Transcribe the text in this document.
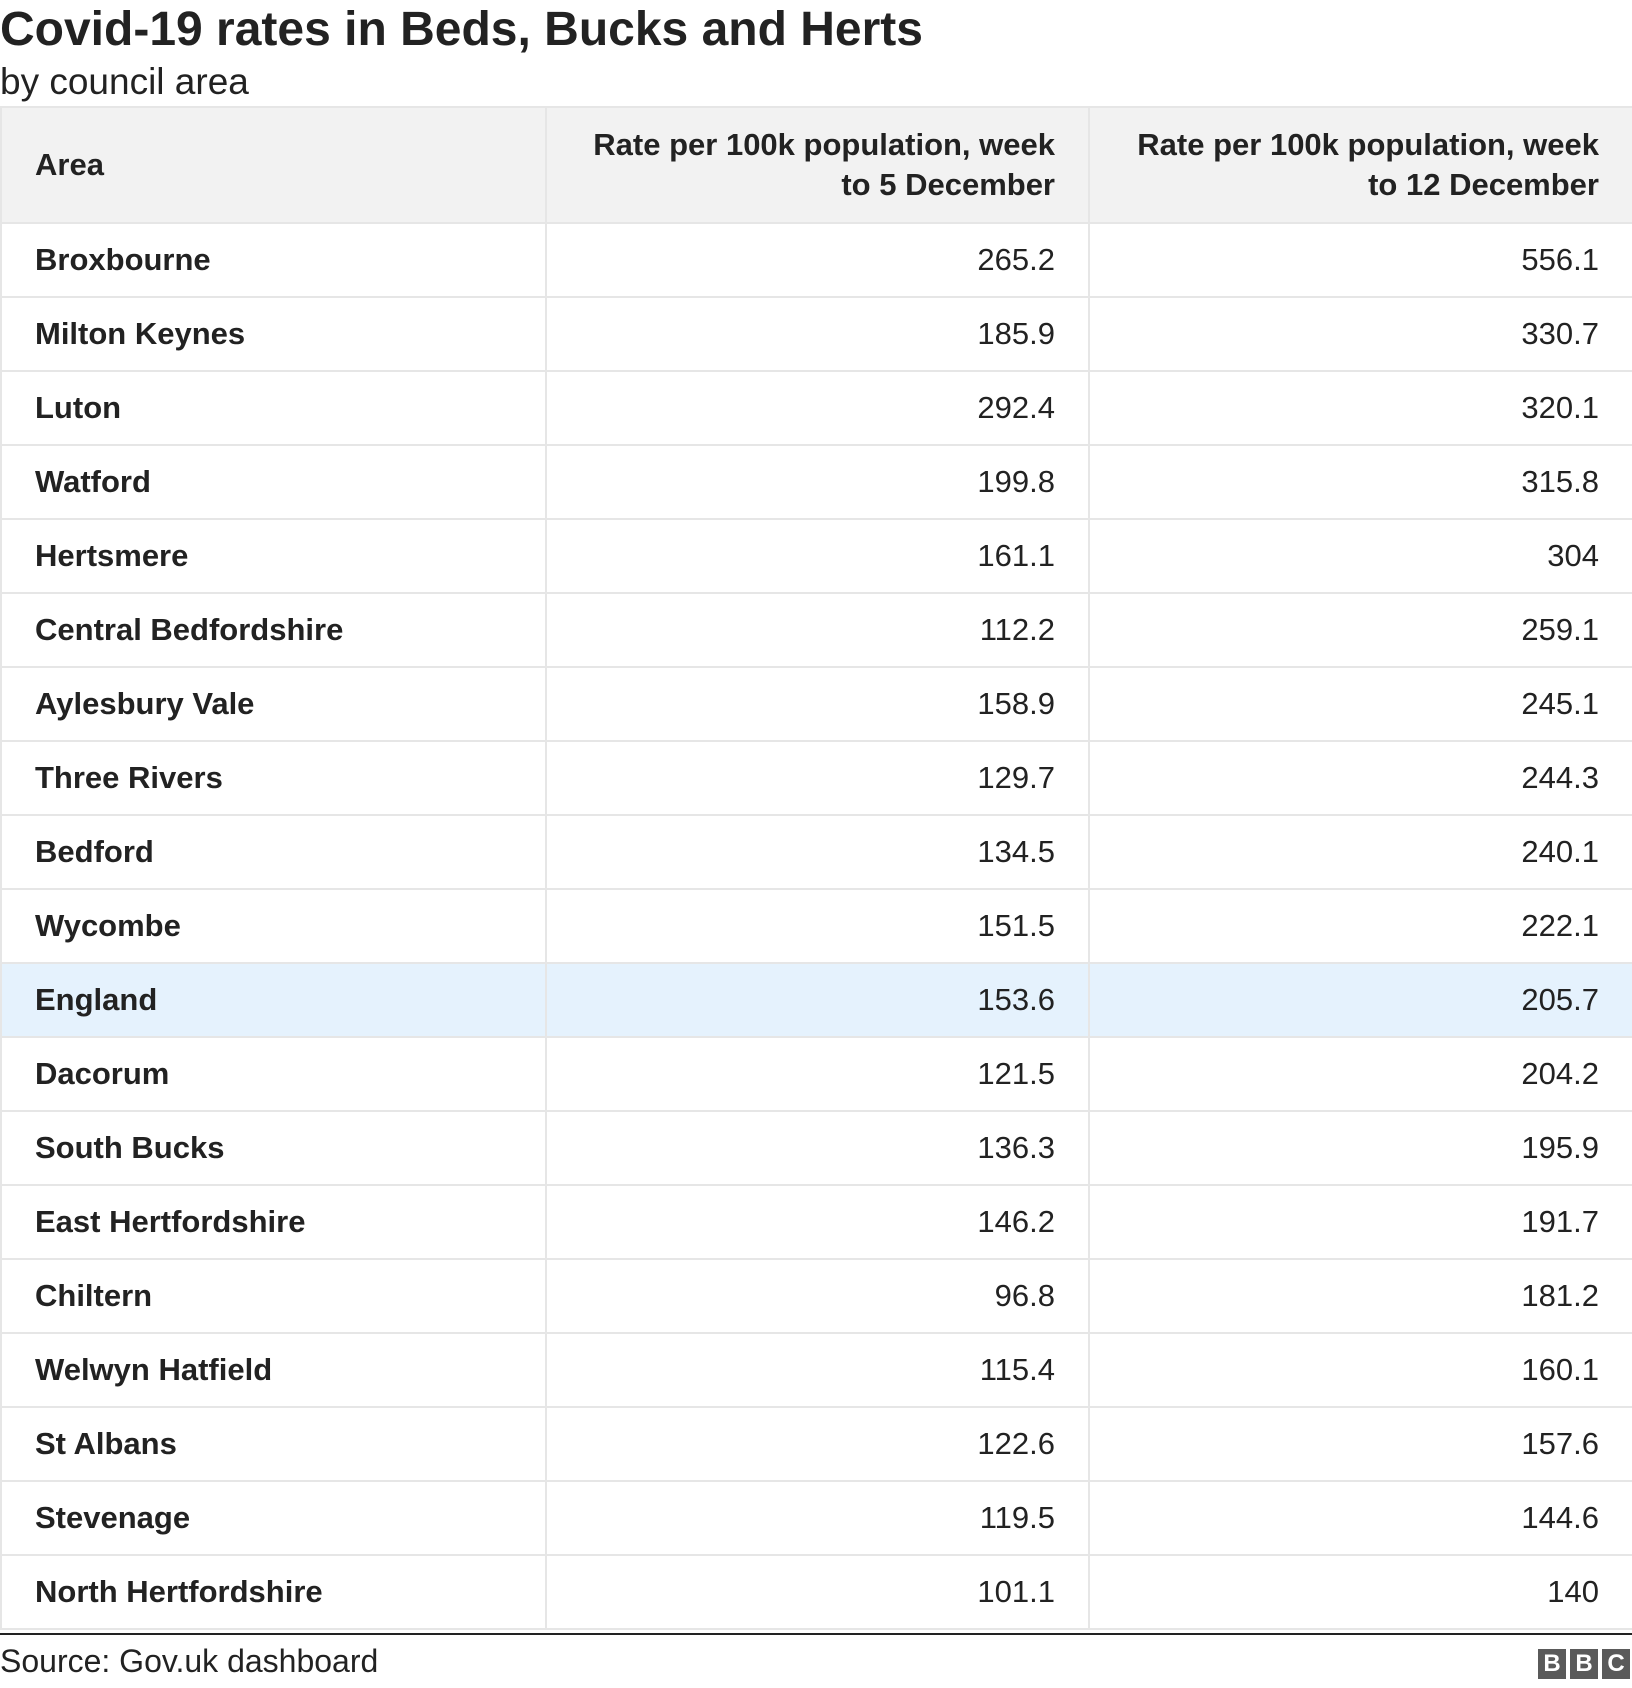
Covid-19 rates in Beds, Bucks and Herts
by council area
Area	Rate per 100k population, week to 5 December	Rate per 100k population, week to 12 December
Broxbourne	265.2	556.1
Milton Keynes	185.9	330.7
Luton	292.4	320.1
Watford	199.8	315.8
Hertsmere	161.1	304
Central Bedfordshire	112.2	259.1
Aylesbury Vale	158.9	245.1
Three Rivers	129.7	244.3
Bedford	134.5	240.1
Wycombe	151.5	222.1
England	153.6	205.7
Dacorum	121.5	204.2
South Bucks	136.3	195.9
East Hertfordshire	146.2	191.7
Chiltern	96.8	181.2
Welwyn Hatfield	115.4	160.1
St Albans	122.6	157.6
Stevenage	119.5	144.6
North Hertfordshire	101.1	140
Source: Gov.uk dashboard	B B C
